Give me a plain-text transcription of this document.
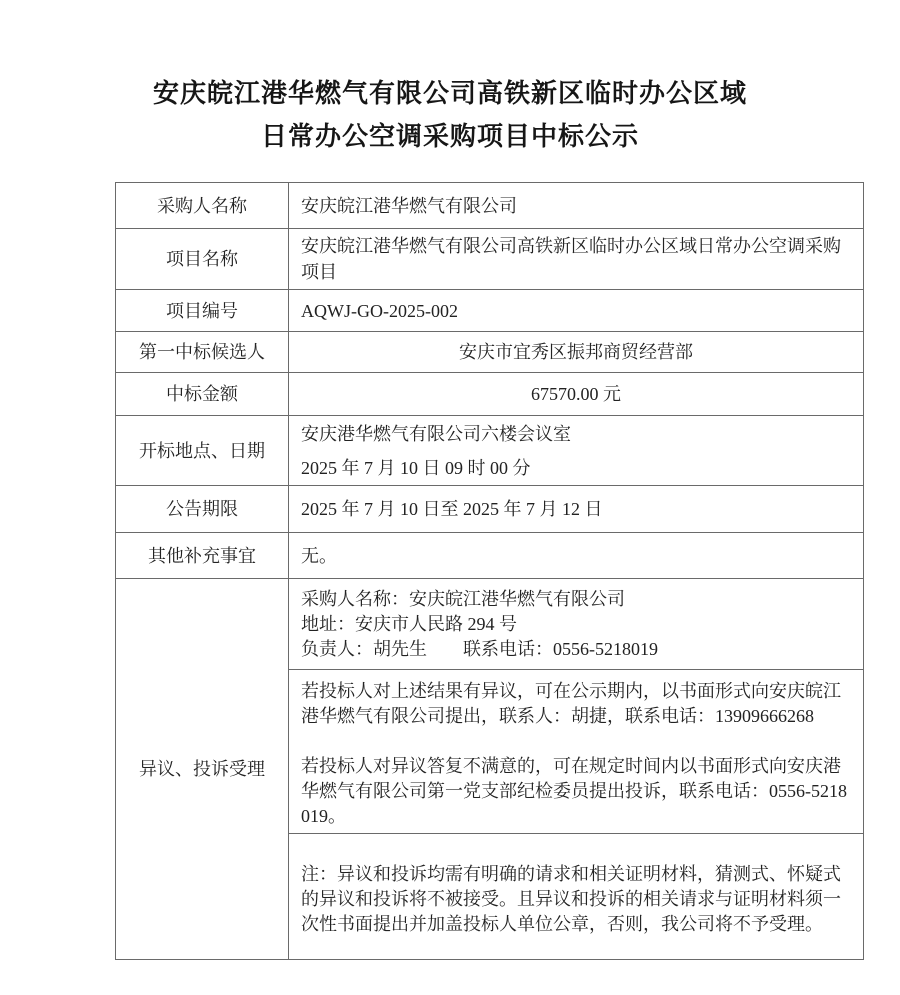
安庆皖江港华燃气有限公司高铁新区临时办公区域
日常办公空调采购项目中标公示
采购人名称	安庆皖江港华燃气有限公司
项目名称	安庆皖江港华燃气有限公司高铁新区临时办公区域日常办公空调采购项目
项目编号	AQWJ-GO-2025-002
第一中标候选人	安庆市宜秀区振邦商贸经营部
中标金额	67570.00 元
开标地点、日期	安庆港华燃气有限公司六楼会议室
2025 年 7 月 10 日 09 时 00 分

公告期限	2025 年 7 月 10 日至 2025 年 7 月 12 日
其他补充事宜	无。
异议、投诉受理	采购人名称：安庆皖江港华燃气有限公司
地址：安庆市人民路 294 号
负责人：胡先生　　联系电话：0556-5218019

	若投标人对上述结果有异议，可在公示期内，以书面形式向安庆皖江港华燃气有限公司提出，联系人：胡捷，联系电话：13909666268

若投标人对异议答复不满意的，可在规定时间内以书面形式向安庆港华燃气有限公司第一党支部纪检委员提出投诉，联系电话：0556-5218019。

	注：异议和投诉均需有明确的请求和相关证明材料，猜测式、怀疑式的异议和投诉将不被接受。且异议和投诉的相关请求与证明材料须一次性书面提出并加盖投标人单位公章，否则，我公司将不予受理。
